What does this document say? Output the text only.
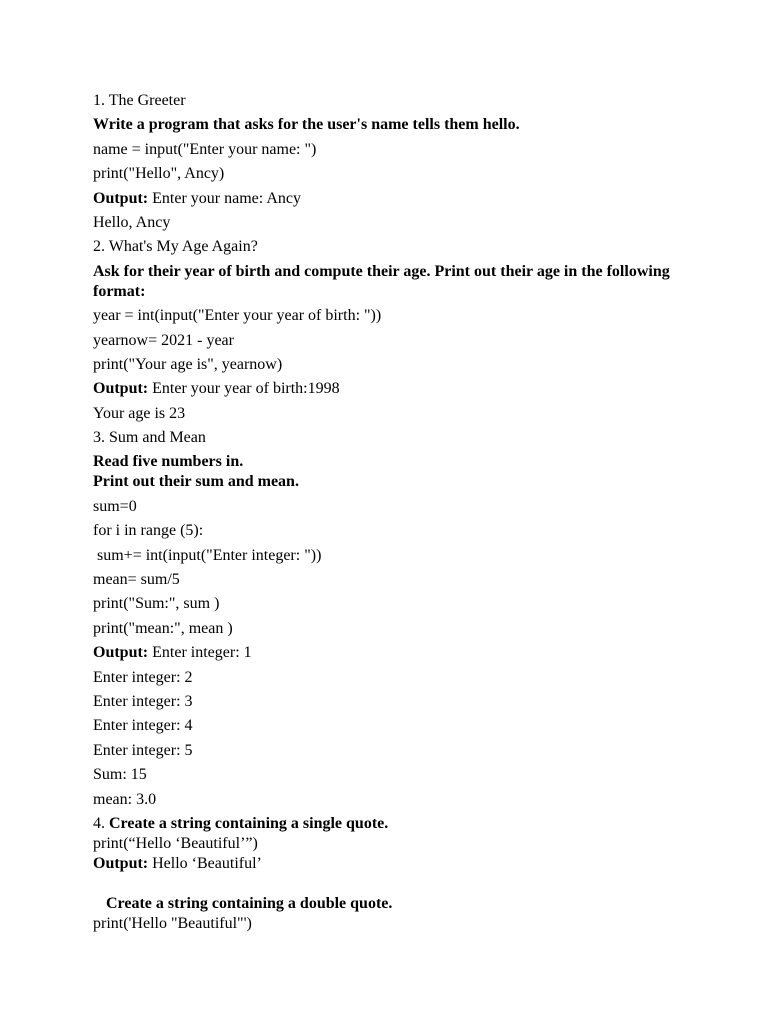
1. The Greeter
Write a program that asks for the user's name tells them hello.
name = input("Enter your name: ")
print("Hello", Ancy)
Output: Enter your name: Ancy
Hello, Ancy
2. What's My Age Again?
Ask for their year of birth and compute their age. Print out their age in the following format:
year = int(input("Enter your year of birth: "))
yearnow= 2021 - year
print("Your age is", yearnow)
Output: Enter your year of birth:1998
Your age is 23
3. Sum and Mean
Read five numbers in.
Print out their sum and mean.
sum=0
for i in range (5):
sum+= int(input("Enter integer: "))
mean= sum/5
print("Sum:", sum )
print("mean:", mean )
Output: Enter integer: 1
Enter integer: 2
Enter integer: 3
Enter integer: 4
Enter integer: 5
Sum: 15
mean: 3.0
4. Create a string containing a single quote.
print(“Hello ‘Beautiful’”)
Output: Hello ‘Beautiful’
Create a string containing a double quote.
print('Hello "Beautiful"')
